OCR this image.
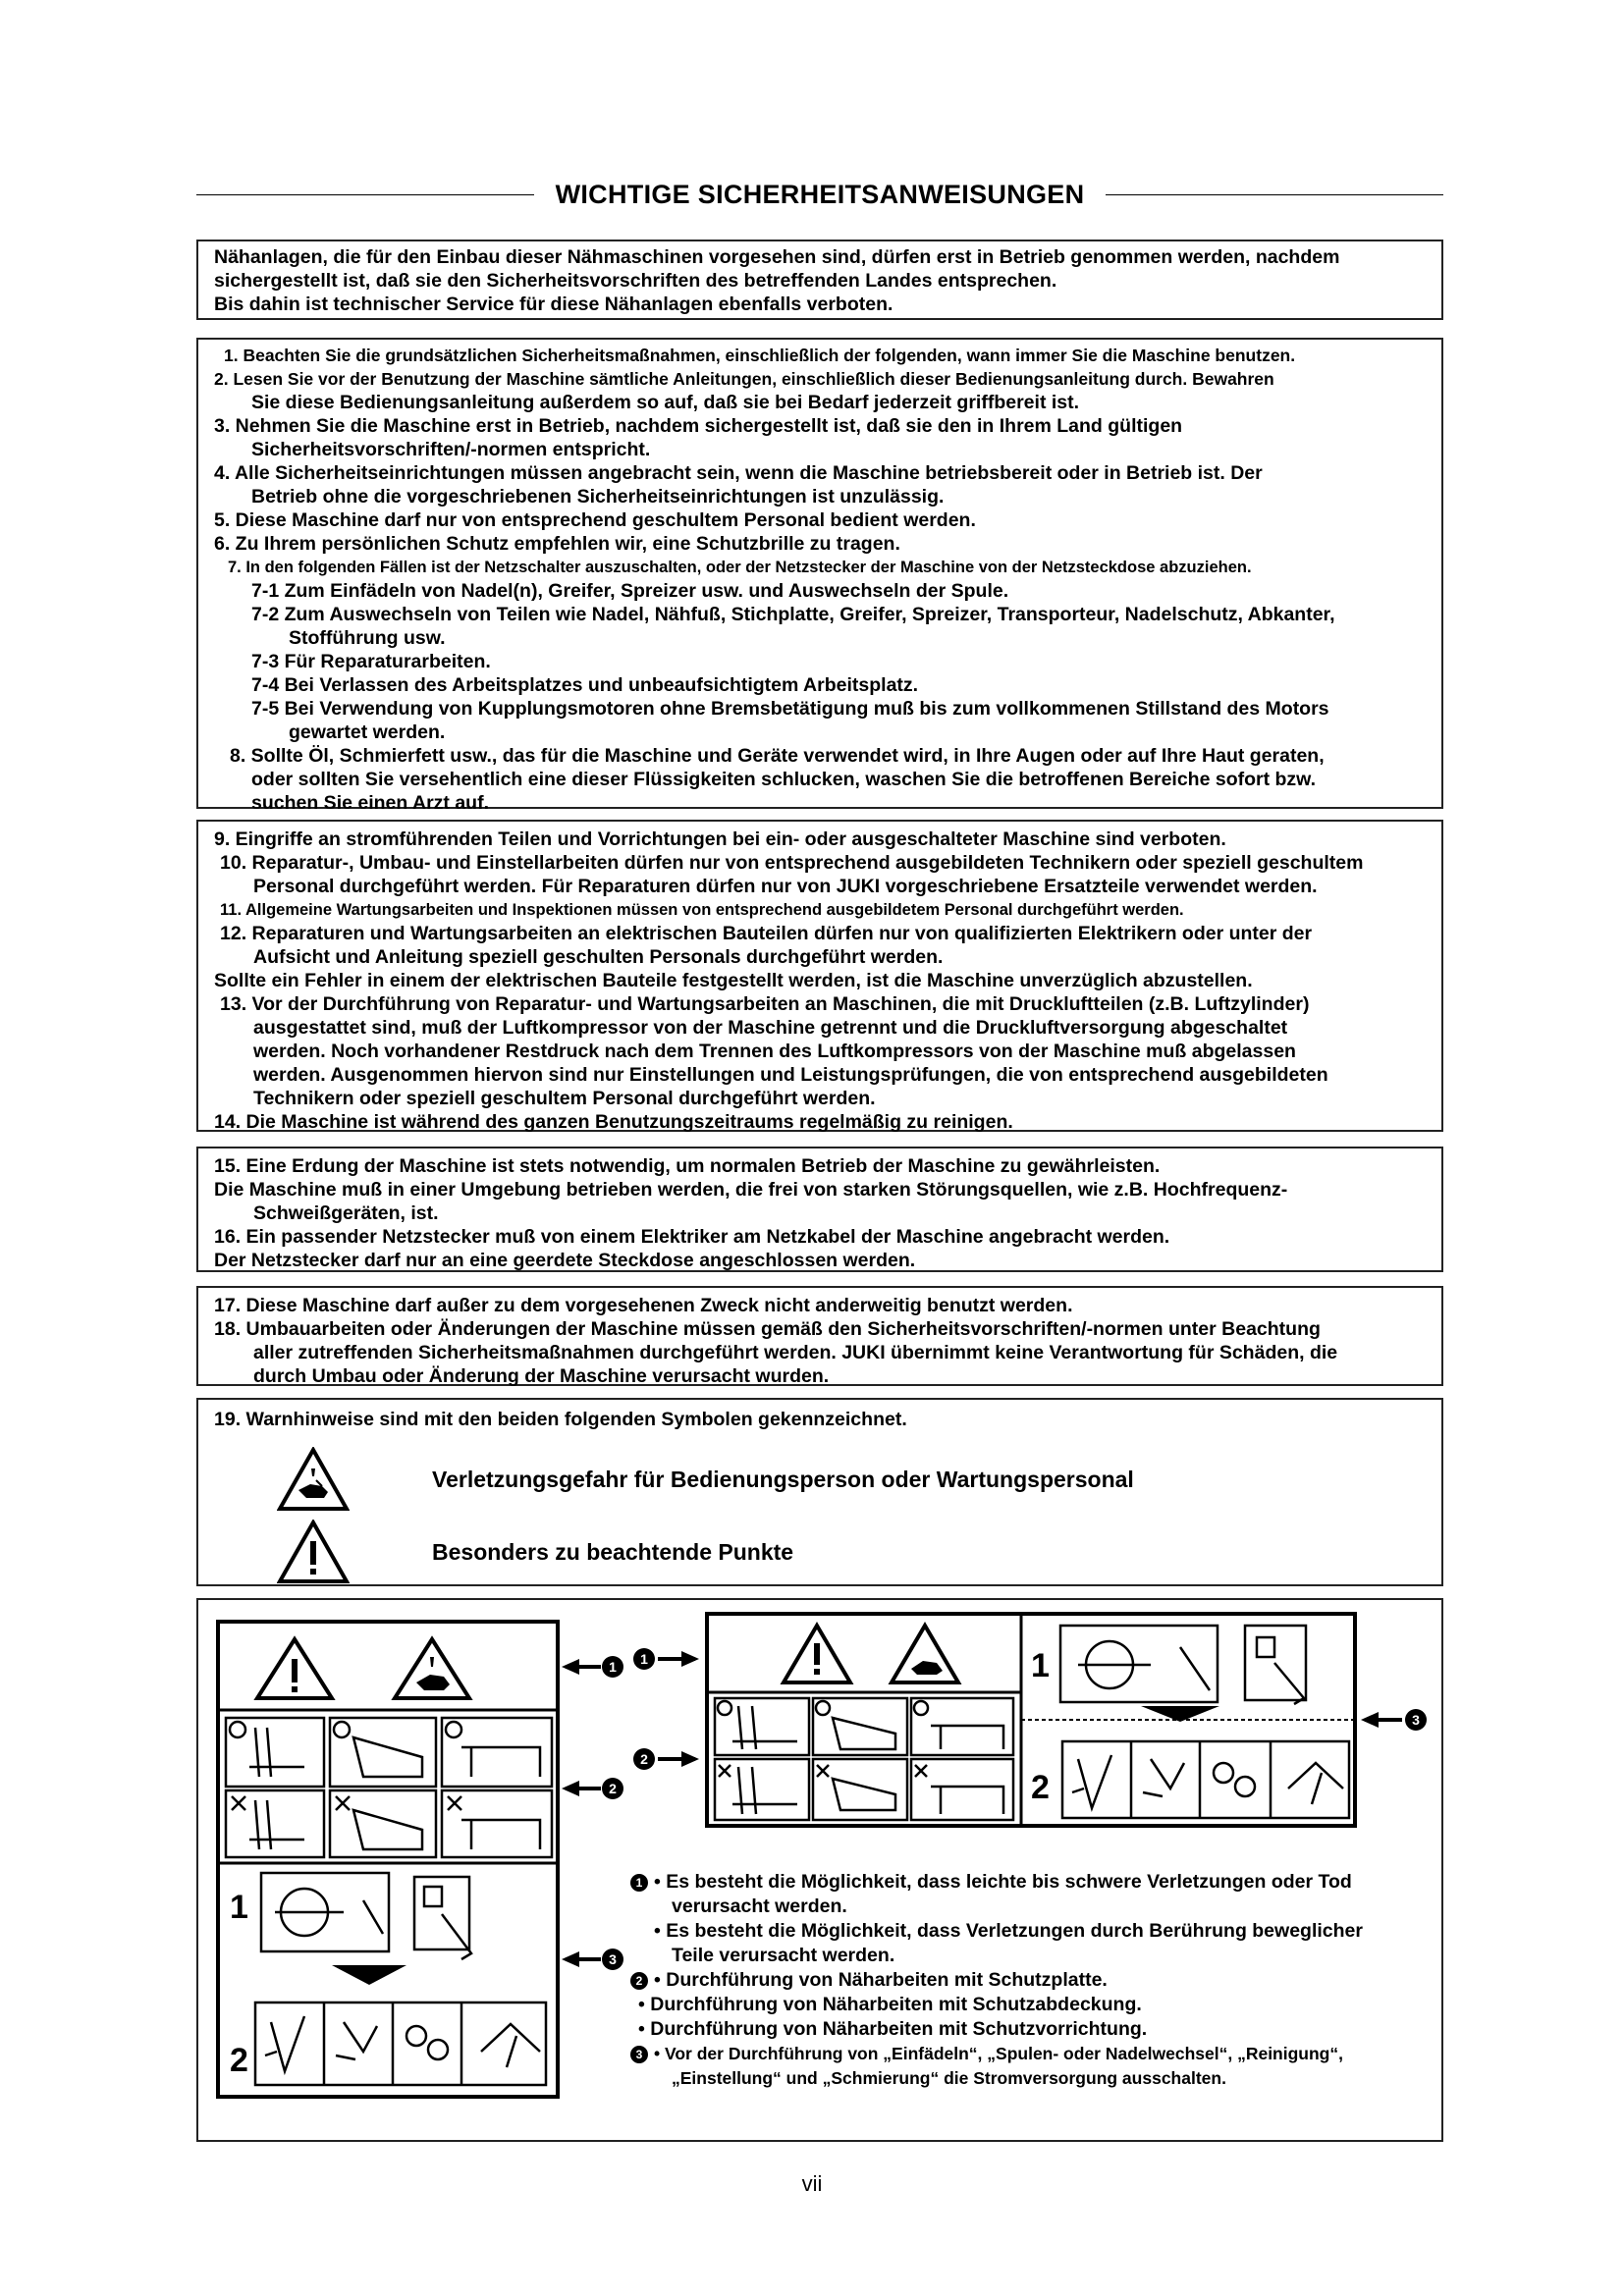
WICHTIGE SICHERHEITSANWEISUNGEN

Nähanlagen, die für den Einbau dieser Nähmaschinen vorgesehen sind, dürfen erst in Betrieb genommen werden, nachdem

sichergestellt ist, daß sie den Sicherheitsvorschriften des betreffenden Landes entsprechen.

Bis dahin ist technischer Service für diese Nähanlagen ebenfalls verboten.

1. Beachten Sie die grundsätzlichen Sicherheitsmaßnahmen, einschließlich der folgenden, wann immer Sie die Maschine benutzen.

2. Lesen Sie vor der Benutzung der Maschine sämtliche Anleitungen, einschließlich dieser Bedienungsanleitung durch. Bewahren

Sie diese Bedienungsanleitung außerdem so auf, daß sie bei Bedarf jederzeit griffbereit ist.

3. Nehmen Sie die Maschine erst in Betrieb, nachdem sichergestellt ist, daß sie den in Ihrem Land gültigen

Sicherheitsvorschriften/-normen entspricht.

4. Alle Sicherheitseinrichtungen müssen angebracht sein, wenn die Maschine betriebsbereit oder in Betrieb ist. Der

Betrieb ohne die vorgeschriebenen Sicherheitseinrichtungen ist unzulässig.

5. Diese Maschine darf nur von entsprechend geschultem Personal bedient werden.

6. Zu Ihrem persönlichen Schutz empfehlen wir, eine Schutzbrille zu tragen.

7. In den folgenden Fällen ist der Netzschalter auszuschalten, oder der Netzstecker der Maschine von der Netzsteckdose abzuziehen.

7-1 Zum Einfädeln von Nadel(n), Greifer, Spreizer usw. und Auswechseln der Spule.

7-2 Zum Auswechseln von Teilen wie Nadel, Nähfuß, Stichplatte, Greifer, Spreizer, Transporteur, Nadelschutz, Abkanter,

Stofführung usw.

7-3 Für Reparaturarbeiten.

7-4 Bei Verlassen des Arbeitsplatzes und unbeaufsichtigtem Arbeitsplatz.

7-5 Bei Verwendung von Kupplungsmotoren ohne Bremsbetätigung muß bis zum vollkommenen Stillstand des Motors

gewartet werden.

8. Sollte Öl, Schmierfett usw., das für die Maschine und Geräte verwendet wird, in Ihre Augen oder auf Ihre Haut geraten,

oder sollten Sie versehentlich eine dieser Flüssigkeiten schlucken, waschen Sie die betroffenen Bereiche sofort bzw.

suchen Sie einen Arzt auf.

9. Eingriffe an stromführenden Teilen und Vorrichtungen bei ein- oder ausgeschalteter Maschine sind verboten.

10. Reparatur-, Umbau- und Einstellarbeiten dürfen nur von entsprechend ausgebildeten Technikern oder speziell geschultem

Personal durchgeführt werden. Für Reparaturen dürfen nur von JUKI vorgeschriebene Ersatzteile verwendet werden.

11. Allgemeine Wartungsarbeiten und Inspektionen müssen von entsprechend ausgebildetem Personal durchgeführt werden.

12. Reparaturen und Wartungsarbeiten an elektrischen Bauteilen dürfen nur von qualifizierten Elektrikern oder unter der

Aufsicht und Anleitung speziell geschulten Personals durchgeführt werden.

Sollte ein Fehler in einem der elektrischen Bauteile festgestellt werden, ist die Maschine unverzüglich abzustellen.

13. Vor der Durchführung von Reparatur- und Wartungsarbeiten an Maschinen, die mit Druckluftteilen (z.B. Luftzylinder)

ausgestattet sind, muß der Luftkompressor von der Maschine getrennt und die Druckluftversorgung abgeschaltet

werden. Noch vorhandener Restdruck nach dem Trennen des Luftkompressors von der Maschine muß abgelassen

werden. Ausgenommen hiervon sind nur Einstellungen und Leistungsprüfungen, die von entsprechend ausgebildeten

Technikern oder speziell geschultem Personal durchgeführt werden.

14. Die Maschine ist während des ganzen Benutzungszeitraums regelmäßig zu reinigen.

15. Eine Erdung der Maschine ist stets notwendig, um normalen Betrieb der Maschine zu gewährleisten.

Die Maschine muß in einer Umgebung betrieben werden, die frei von starken Störungsquellen, wie z.B. Hochfrequenz-

Schweißgeräten, ist.

16. Ein passender Netzstecker muß von einem Elektriker am Netzkabel der Maschine angebracht werden.

Der Netzstecker darf nur an eine geerdete Steckdose angeschlossen werden.

17. Diese Maschine darf außer zu dem vorgesehenen Zweck nicht anderweitig benutzt werden.

18. Umbauarbeiten oder Änderungen der Maschine müssen gemäß den Sicherheitsvorschriften/-normen unter Beachtung

aller zutreffenden Sicherheitsmaßnahmen durchgeführt werden. JUKI übernimmt keine Verantwortung für Schäden, die

durch Umbau oder Änderung der Maschine verursacht wurden.

19. Warnhinweise sind mit den beiden folgenden Symbolen gekennzeichnet.

Verletzungsgefahr für Bedienungsperson oder Wartungspersonal
Besonders zu beachtende Punkte
1
2
1
2
3
1
2
3
1
2

1 • Es besteht die Möglichkeit, dass leichte bis schwere Verletzungen oder Tod

verursacht werden.

• Es besteht die Möglichkeit, dass Verletzungen durch Berührung beweglicher

Teile verursacht werden.

2 • Durchführung von Näharbeiten mit Schutzplatte.

• Durchführung von Näharbeiten mit Schutzabdeckung.

• Durchführung von Näharbeiten mit Schutzvorrichtung.

3 • Vor der Durchführung von „Einfädeln“, „Spulen- oder Nadelwechsel“, „Reinigung“,

„Einstellung“ und „Schmierung“ die Stromversorgung ausschalten.

vii
